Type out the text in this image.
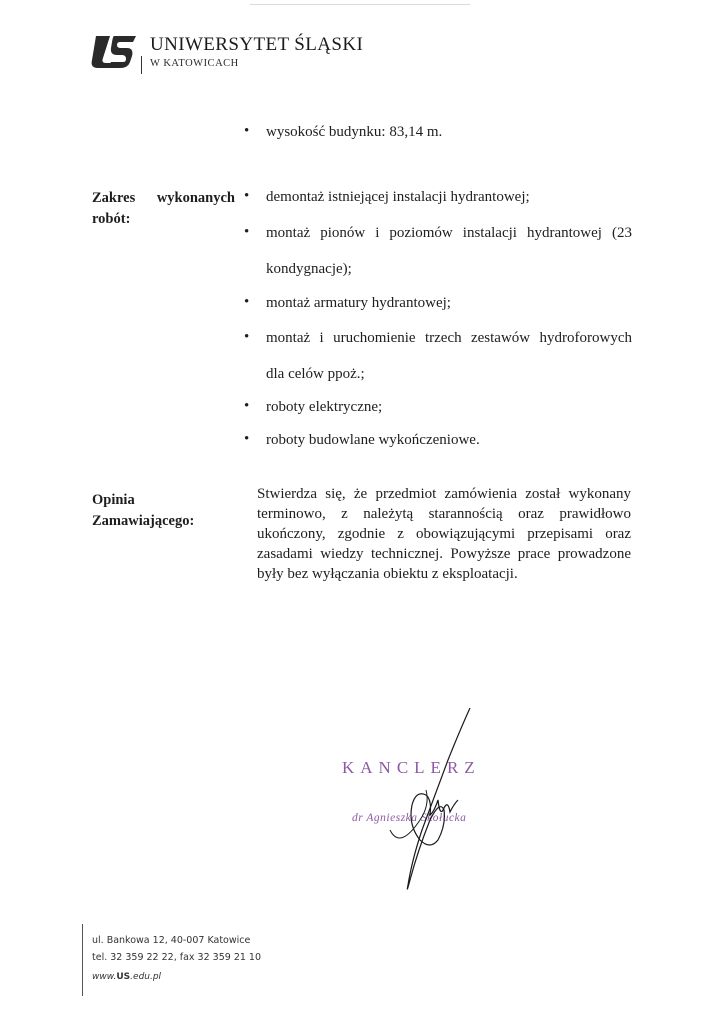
UNIWERSYTET ŚLĄSKI
W KATOWICACH
• wysokość budynku: 83,14 m.
Zakres wykonanych
robót:
• demontaż istniejącej instalacji hydrantowej;
• montaż pionów i poziomów instalacji hydrantowej (23
kondygnacje);
• montaż armatury hydrantowej;
• montaż i uruchomienie trzech zestawów hydroforowych
dla celów ppoż.;
• roboty elektryczne;
• roboty budowlane wykończeniowe.
Opinia
Zamawiającego:
Stwierdza się, że przedmiot zamówienia został wykonany
terminowo, z należytą starannością oraz prawidłowo
ukończony, zgodnie z obowiązującymi przepisami oraz
zasadami wiedzy technicznej. Powyższe prace prowadzone
były bez wyłączania obiektu z eksploatacji.
KANCLERZ
dr Agnieszka Skołucka
ul. Bankowa 12, 40-007 Katowice
tel. 32 359 22 22, fax 32 359 21 10
www.US.edu.pl
